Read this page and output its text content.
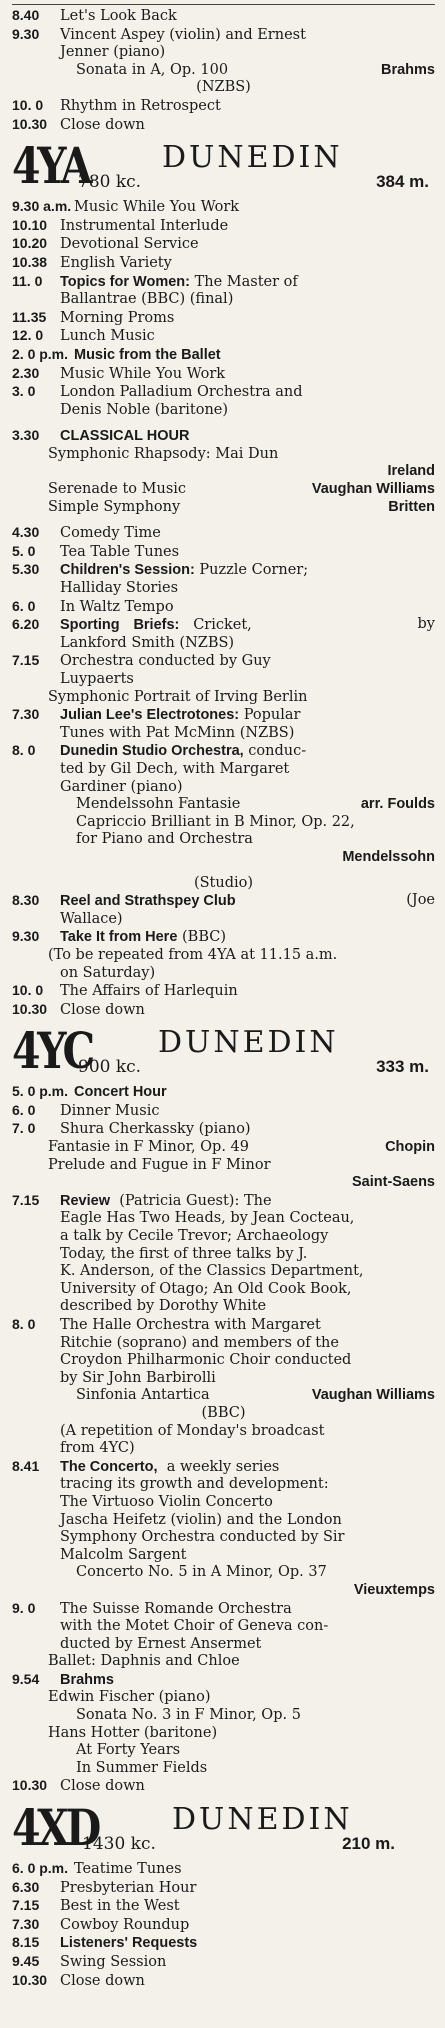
8.40 Let's Look Back
9.30 Vincent Aspey (violin) and Ernest
Jenner (piano)
Sonata in A, Op. 100	Brahms
(NZBS)
10. 0 Rhythm in Retrospect
10.30 Close down
4YA
780 kc.
DUNEDIN
384 m.
9.30 a.m. Music While You Work
10.10 Instrumental Interlude
10.20 Devotional Service
10.38 English Variety
11. 0 Topics for Women: The Master of
Ballantrae (BBC) (final)
11.35 Morning Proms
12. 0 Lunch Music
2. 0 p.m. Music from the Ballet
2.30 Music While You Work
3. 0 London Palladium Orchestra and
Denis Noble (baritone)
3.30 CLASSICAL HOUR
Symphonic Rhapsody: Mai Dun
Ireland

Serenade to Music	Vaughan Williams
Simple Symphony	Britten
4.30 Comedy Time
5. 0 Tea Table Tunes
5.30 Children's Session: Puzzle Corner;
Halliday Stories
6. 0 In Waltz Tempo
6.20 Sporting Briefs: Cricket,	by
Lankford Smith (NZBS)
7.15 Orchestra conducted by Guy
Luypaerts
Symphonic Portrait of Irving Berlin
7.30 Julian Lee's Electrotones: Popular
Tunes with Pat McMinn (NZBS)
8. 0 Dunedin Studio Orchestra, conduc-
ted by Gil Dech, with Margaret
Gardiner (piano)
Mendelssohn Fantasie	arr. Foulds
Capriccio Brilliant in B Minor, Op. 22,
for Piano and Orchestra
Mendelssohn

(Studio)
8.30 Reel and Strathspey Club	(Joe
Wallace)
9.30 Take It from Here (BBC)
(To be repeated from 4YA at 11.15 a.m.
on Saturday)
10. 0 The Affairs of Harlequin
10.30 Close down
4YC
900 kc.
DUNEDIN
333 m.
5. 0 p.m. Concert Hour
6. 0 Dinner Music
7. 0 Shura Cherkassky (piano)
Fantasie in F Minor, Op. 49	Chopin
Prelude and Fugue in F Minor
Saint-Saens

7.15 Review (Patricia Guest): The
Eagle Has Two Heads, by Jean Cocteau,
a talk by Cecile Trevor; Archaeology
Today, the first of three talks by J.
K. Anderson, of the Classics Department,
University of Otago; An Old Cook Book,
described by Dorothy White
8. 0 The Halle Orchestra with Margaret
Ritchie (soprano) and members of the
Croydon Philharmonic Choir conducted
by Sir John Barbirolli
Sinfonia Antartica	Vaughan Williams
(BBC)
(A repetition of Monday's broadcast
from 4YC)
8.41 The Concerto, a weekly series
tracing its growth and development:
The Virtuoso Violin Concerto
Jascha Heifetz (violin) and the London
Symphony Orchestra conducted by Sir
Malcolm Sargent
Concerto No. 5 in A Minor, Op. 37
Vieuxtemps

9. 0 The Suisse Romande Orchestra
with the Motet Choir of Geneva con-
ducted by Ernest Ansermet
Ballet: Daphnis and Chloe
9.54 Brahms
Edwin Fischer (piano)
Sonata No. 3 in F Minor, Op. 5
Hans Hotter (baritone)
At Forty Years
In Summer Fields
10.30 Close down
4XD
1430 kc.
DUNEDIN
210 m.
6. 0 p.m. Teatime Tunes
6.30 Presbyterian Hour
7.15 Best in the West
7.30 Cowboy Roundup
8.15 Listeners' Requests
9.45 Swing Session
10.30 Close down
